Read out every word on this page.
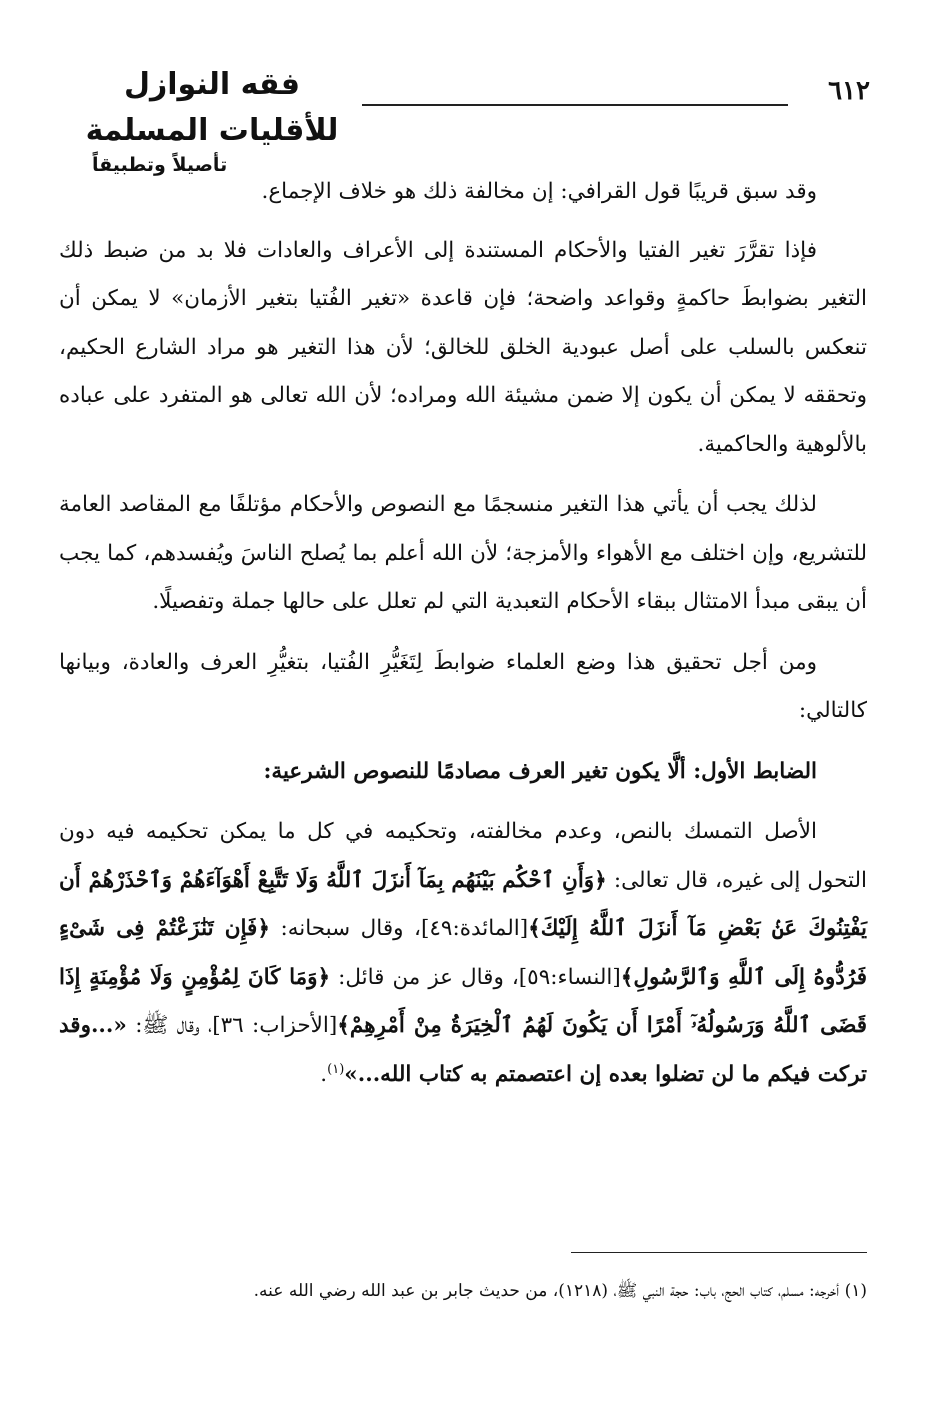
٦١٢
فقه النوازل للأقليات المسلمة
تأصيلاً وتطبيقاً

وقد سبق قريبًا قول القرافي: إن مخالفة ذلك هو خلاف الإجماع.

فإذا تقرَّرَ تغير الفتيا والأحكام المستندة إلى الأعراف والعادات فلا بد من ضبط ذلك التغير بضوابطَ حاكمةٍ وقواعد واضحة؛ فإن قاعدة «تغير الفُتيا بتغير الأزمان» لا يمكن أن تنعكس بالسلب على أصل عبودية الخلق للخالق؛ لأن هذا التغير هو مراد الشارع الحكيم، وتحققه لا يمكن أن يكون إلا ضمن مشيئة الله ومراده؛ لأن الله تعالى هو المتفرد على عباده بالألوهية والحاكمية.

لذلك يجب أن يأتي هذا التغير منسجمًا مع النصوص والأحكام مؤتلفًا مع المقاصد العامة للتشريع، وإن اختلف مع الأهواء والأمزجة؛ لأن الله أعلم بما يُصلح الناسَ ويُفسدهم، كما يجب أن يبقى مبدأ الامتثال ببقاء الأحكام التعبدية التي لم تعلل على حالها جملة وتفصيلًا.

ومن أجل تحقيق هذا وضع العلماء ضوابطَ لِتَغَيُّرِ الفُتيا، بتغيُّرِ العرف والعادة، وبيانها كالتالي:

الضابط الأول: ألَّا يكون تغير العرف مصادمًا للنصوص الشرعية:

الأصل التمسك بالنص، وعدم مخالفته، وتحكيمه في كل ما يمكن تحكيمه فيه دون التحول إلى غيره، قال تعالى: ﴿وَأَنِ ٱحْكُم بَيْنَهُم بِمَآ أَنزَلَ ٱللَّهُ وَلَا تَتَّبِعْ أَهْوَآءَهُمْ وَٱحْذَرْهُمْ أَن يَفْتِنُوكَ عَنۢ بَعْضِ مَآ أَنزَلَ ٱللَّهُ إِلَيْكَ﴾[المائدة:٤٩]، وقال سبحانه: ﴿فَإِن تَنَٰزَعْتُمْ فِى شَىْءٍ فَرُدُّوهُ إِلَى ٱللَّهِ وَٱلرَّسُولِ﴾[النساء:٥٩]، وقال عز من قائل: ﴿وَمَا كَانَ لِمُؤْمِنٍ وَلَا مُؤْمِنَةٍ إِذَا قَضَى ٱللَّهُ وَرَسُولُهُۥٓ أَمْرًا أَن يَكُونَ لَهُمُ ٱلْخِيَرَةُ مِنْ أَمْرِهِمْ﴾[الأحزاب: ٣٦]، وقال ﷺ: «...وقد تركت فيكم ما لن تضلوا بعده إن اعتصمتم به كتاب الله...»$^{(١)}$.

(١) أخرجه: مسلم، كتاب الحج، باب: حجة النبي ﷺ، (١٢١٨)، من حديث جابر بن عبد الله رضي الله عنه.
